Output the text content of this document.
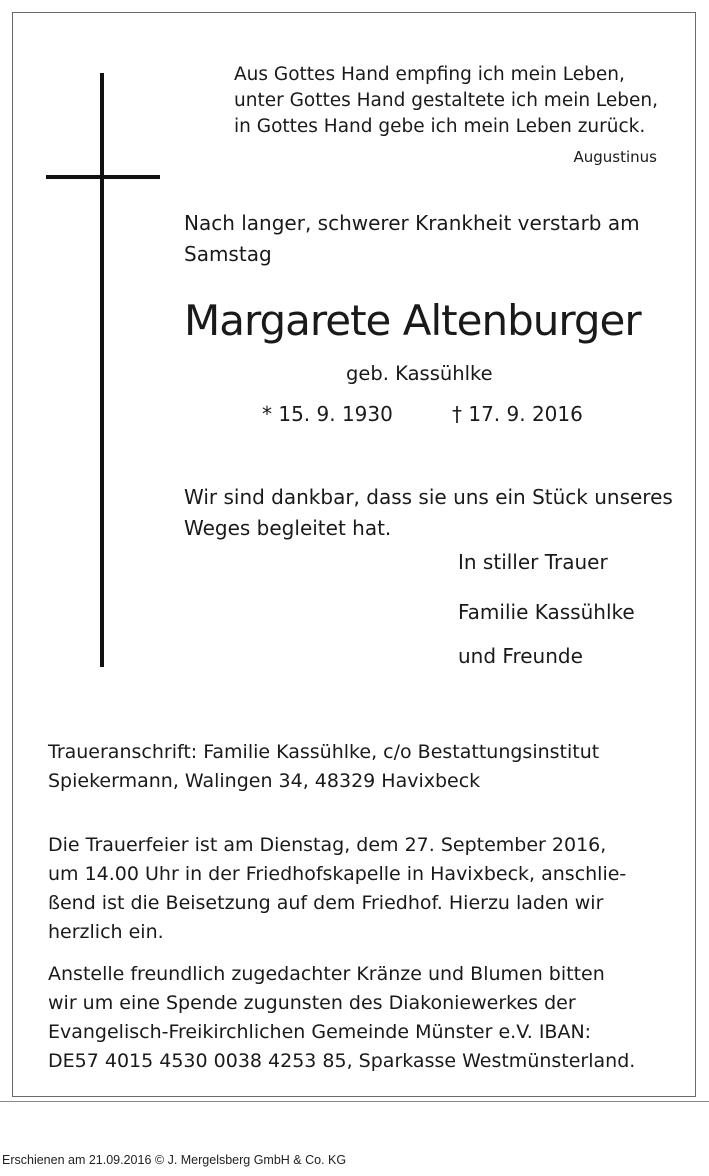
Aus Gottes Hand empfing ich mein Leben,
unter Gottes Hand gestaltete ich mein Leben,
in Gottes Hand gebe ich mein Leben zurück.

Augustinus

Nach langer, schwerer Krankheit verstarb am
Samstag

Margarete Altenburger

geb. Kassühlke

* 15. 9. 1930	† 17. 9. 2016

Wir sind dankbar, dass sie uns ein Stück unseres
Weges begleitet hat.

In stiller Trauer

Familie Kassühlke

und Freunde

Traueranschrift: Familie Kassühlke, c/o Bestattungsinstitut
Spiekermann, Walingen 34, 48329 Havixbeck

Die Trauerfeier ist am Dienstag, dem 27. September 2016,
um 14.00 Uhr in der Friedhofskapelle in Havixbeck, anschlie-
ßend ist die Beisetzung auf dem Friedhof. Hierzu laden wir
herzlich ein.

Anstelle freundlich zugedachter Kränze und Blumen bitten
wir um eine Spende zugunsten des Diakoniewerkes der
Evangelisch-Freikirchlichen Gemeinde Münster e.V. IBAN:
DE57 4015 4530 0038 4253 85, Sparkasse Westmünsterland.

Erschienen am 21.09.2016 © J. Mergelsberg GmbH & Co. KG
